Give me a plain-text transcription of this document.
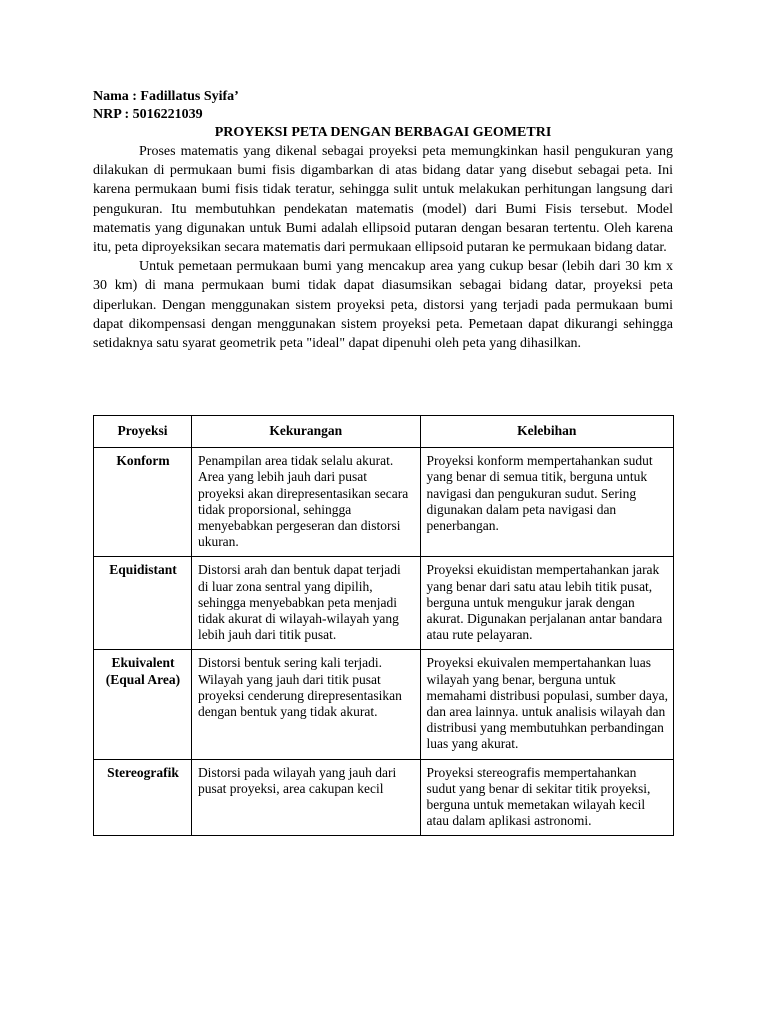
Nama : Fadillatus Syifa’

NRP : 5016221039

PROYEKSI PETA DENGAN BERBAGAI GEOMETRI

Proses matematis yang dikenal sebagai proyeksi peta memungkinkan hasil pengukuran yang dilakukan di permukaan bumi fisis digambarkan di atas bidang datar yang disebut sebagai peta. Ini karena permukaan bumi fisis tidak teratur, sehingga sulit untuk melakukan perhitungan langsung dari pengukuran. Itu membutuhkan pendekatan matematis (model) dari Bumi Fisis tersebut. Model matematis yang digunakan untuk Bumi adalah ellipsoid putaran dengan besaran tertentu. Oleh karena itu, peta diproyeksikan secara matematis dari permukaan ellipsoid putaran ke permukaan bidang datar.

Untuk pemetaan permukaan bumi yang mencakup area yang cukup besar (lebih dari 30 km x 30 km) di mana permukaan bumi tidak dapat diasumsikan sebagai bidang datar, proyeksi peta diperlukan. Dengan menggunakan sistem proyeksi peta, distorsi yang terjadi pada permukaan bumi dapat dikompensasi dengan menggunakan sistem proyeksi peta. Pemetaan dapat dikurangi sehingga setidaknya satu syarat geometrik peta "ideal" dapat dipenuhi oleh peta yang dihasilkan.

Proyeksi	Kekurangan	Kelebihan
Konform	Penampilan area tidak selalu akurat. Area yang lebih jauh dari pusat proyeksi akan direpresentasikan secara tidak proporsional, sehingga menyebabkan pergeseran dan distorsi ukuran.	Proyeksi konform mempertahankan sudut yang benar di semua titik, berguna untuk navigasi dan pengukuran sudut. Sering digunakan dalam peta navigasi dan penerbangan.
Equidistant	Distorsi arah dan bentuk dapat terjadi di luar zona sentral yang dipilih, sehingga menyebabkan peta menjadi tidak akurat di wilayah-wilayah yang lebih jauh dari titik pusat.	Proyeksi ekuidistan mempertahankan jarak yang benar dari satu atau lebih titik pusat, berguna untuk mengukur jarak dengan akurat. Digunakan perjalanan antar bandara atau rute pelayaran.
Ekuivalent (Equal Area)	Distorsi bentuk sering kali terjadi. Wilayah yang jauh dari titik pusat proyeksi cenderung direpresentasikan dengan bentuk yang tidak akurat.	Proyeksi ekuivalen mempertahankan luas wilayah yang benar, berguna untuk memahami distribusi populasi, sumber daya, dan area lainnya. untuk analisis wilayah dan distribusi yang membutuhkan perbandingan luas yang akurat.
Stereografik	Distorsi pada wilayah yang jauh dari pusat proyeksi, area cakupan kecil	Proyeksi stereografis mempertahankan sudut yang benar di sekitar titik proyeksi, berguna untuk memetakan wilayah kecil atau dalam aplikasi astronomi.
